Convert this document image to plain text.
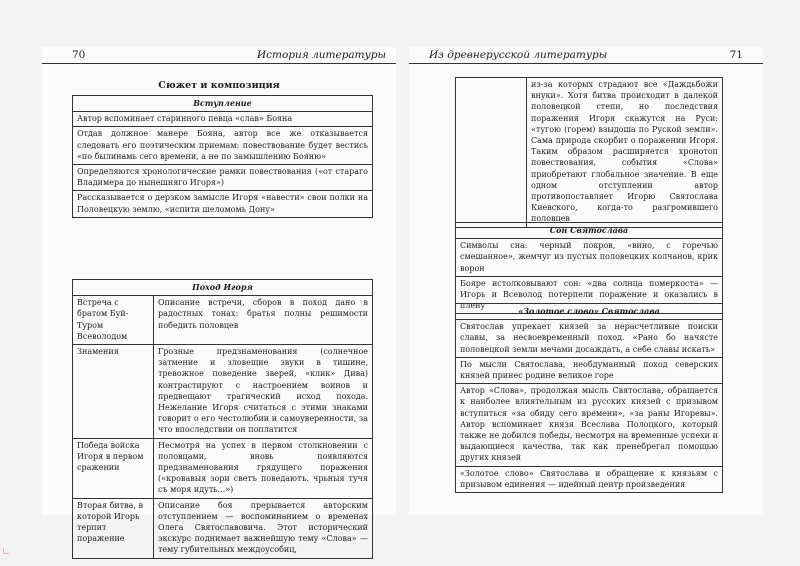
70	История литературы
Сюжет и композиция
Вступление
Автор вспоминает старинного певца «слав» Бояна
Отдав должное манере Бояна, автор все же отказывается следовать его поэтическим приемам: повествование будет вестись «по былинамь сего времени, а не по замышлению Бояню»
Определяются хронологические рамки повествования («от стараго Владимера до нынешняго Игоря»)
Рассказывается о дерзком замысле Игоря «навести» свои полки на Половецкую землю, «испити шеломомь Дону»
Поход Игоря	
Встреча с братом Буй-Туром Всеволодом	Описание встречи, сборов в поход дано в радостных тонах: братья полны решимости победить половцев
Знамения	Грозные предзнаменования (солнечное затмение и зловещие звуки в тишине, тревожное поведение зверей, «клик» Дива) контрастируют с настроением воинов и предвещают трагический исход похода. Нежелание Игоря считаться с этими знаками говорит о его честолюбии и самоуверенности, за что впоследствии он поплатится
Победа войска Игоря в первом сражении	Несмотря на успех в первом столкновении с половцами, вновь появляются предзнаменования грядущего поражения («кровавыя зори свeтъ повeдаютъ. чрьныя тучя съ моря идуть...»)
Вторая битва, в которой Игорь терпит поражение	Описание боя прерывается авторским отступлением — воспоминанием о временах Олега Святославовича. Этот исторический экскурс поднимает важнейшую тему «Слова» — тему губительных междоусобиц,
Из древнерусской литературы	71
	из-за которых страдают все «Даждьбожи внуки». Хотя битва происходит в далекой половецкой степи, но последствия поражения Игоря скажутся на Руси: «тугою (горем) взыдоша по Руской земли». Сама природа скорбит о поражении Игоря. Таким образом расширяется хронотоп повествования, события «Слова» приобретают глобальное значение. В еще одном отступлении автор противопоставляет Игорю Святослава Киевского, когда-то разгромившего половцев
Сон Святослава
Символы сна: черный покров, «вино, с горечью смешанное», жемчуг из пустых половецких колчанов, крик ворон
Бояре истолковывают сон: «два солнца померкоста» — Игорь и Всеволод потерпели поражение и оказались в плену
«Золотое слово» Святослава
Святослав упрекает князей за нерасчетливые поиски славы, за несвоевременный поход. «Рано бо начясте половецкой земли мечами досаждать, а себе славы искать»
По мысли Святослава, необдуманный поход северских князей принес родине великое горе
Автор «Слова», продолжая мысль Святослава, обращается к наиболее влиятельным из русских князей с призывом вступиться «за обиду сего времени», «за раны Игоревы». Автор вспоминает князя Всеслава Полоцкого, который также не добился победы, несмотря на временные успехи и выдающиеся качества, так как пренебрегал помощью других князей
«Золотое слово» Святослава и обращение к князьям с призывом единения — идейный центр произведения
